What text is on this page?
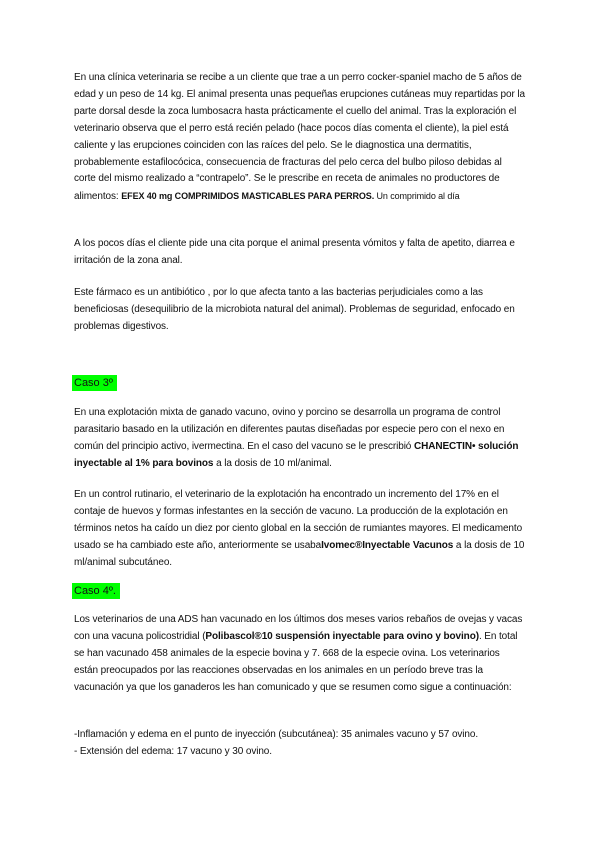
En una clínica veterinaria se recibe a un cliente que trae a un perro cocker-spaniel macho de 5 años de edad y un peso de 14 kg. El animal presenta unas pequeñas erupciones cutáneas muy repartidas por la parte dorsal desde la zoca lumbosacra hasta prácticamente el cuello del animal. Tras la exploración el veterinario observa que el perro está recién pelado (hace pocos días comenta el cliente), la piel está caliente y las erupciones coinciden con las raíces del pelo. Se le diagnostica una dermatitis, probablemente estafilocócica, consecuencia de fracturas del pelo cerca del bulbo piloso debidas al corte del mismo realizado a “contrapelo”. Se le prescribe en receta de animales no productores de alimentos: EFEX 40 mg COMPRIMIDOS MASTICABLES PARA PERROS. Un comprimido al día

A los pocos días el cliente pide una cita porque el animal presenta vómitos y falta de apetito, diarrea e irritación de la zona anal.

Este fármaco es un antibiótico , por lo que afecta tanto a las bacterias perjudiciales como a las beneficiosas (desequilibrio de la microbiota natural del animal). Problemas de seguridad, enfocado en problemas digestivos.

Caso 3º

En una explotación mixta de ganado vacuno, ovino y porcino se desarrolla un programa de control parasitario basado en la utilización en diferentes pautas diseñadas por especie pero con el nexo en común del principio activo, ivermectina. En el caso del vacuno se le prescribió CHANECTIN• solución inyectable al 1% para bovinos a la dosis de 10 ml/animal.

En un control rutinario, el veterinario de la explotación ha encontrado un incremento del 17% en el contaje de huevos y formas infestantes en la sección de vacuno. La producción de la explotación en términos netos ha caído un diez por ciento global en la sección de rumiantes mayores. El medicamento usado se ha cambiado este año, anteriormente se usabaIvomec®Inyectable Vacunos a la dosis de 10 ml/animal subcutáneo.

Caso 4º.

Los veterinarios de una ADS han vacunado en los últimos dos meses varios rebaños de ovejas y vacas con una vacuna policostridial (Polibascol®10 suspensión inyectable para ovino y bovino). En total se han vacunado 458 animales de la especie bovina y 7. 668 de la especie ovina. Los veterinarios están preocupados por las reacciones observadas en los animales en un período breve tras la vacunación ya que los ganaderos les han comunicado y que se resumen como sigue a continuación:

-Inflamación y edema en el punto de inyección (subcutánea): 35 animales vacuno y 57 ovino.

- Extensión del edema: 17 vacuno y 30 ovino.
